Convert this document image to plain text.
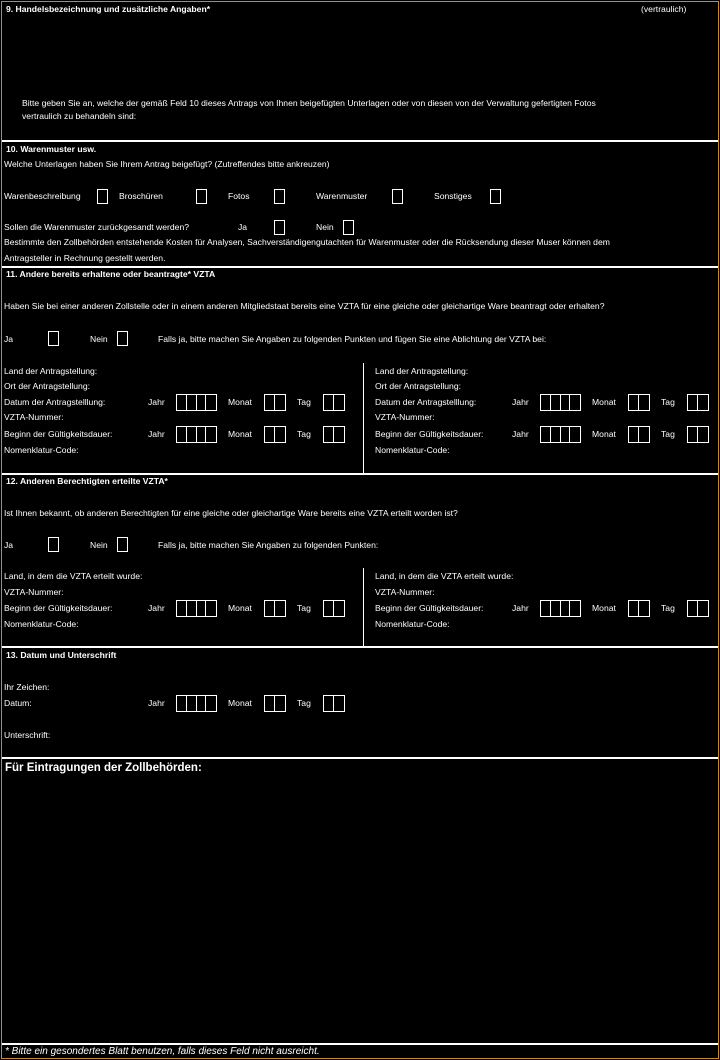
9. Handelsbezeichnung und zusätzliche Angaben*	(vertraulich)
Bitte geben Sie an, welche der gemäß Feld 10 dieses Antrags von Ihnen beigefügten Unterlagen oder von diesen von der Verwaltung gefertigten Fotos
vertraulich zu behandeln sind:
10. Warenmuster usw.
Welche Unterlagen haben Sie Ihrem Antrag beigefügt? (Zutreffendes bitte ankreuzen)
Warenbeschreibung	Broschüren	Fotos	Warenmuster	Sonstiges
Sollen die Warenmuster zurückgesandt werden?	Ja	Nein
Bestimmte den Zollbehörden entstehende Kosten für Analysen, Sachverständigengutachten für Warenmuster oder die Rücksendung dieser Muser können dem
Antragsteller in Rechnung gestellt werden.
11. Andere bereits erhaltene oder beantragte* VZTA
Haben Sie bei einer anderen Zollstelle oder in einem anderen Mitgliedstaat bereits eine VZTA für eine gleiche oder gleichartige Ware beantragt oder erhalten?
Ja	Nein	Falls ja, bitte machen Sie Angaben zu folgenden Punkten und fügen Sie eine Ablichtung der VZTA bei:
Land der Antragstellung:
Ort der Antragstellung:
Datum der Antragstelllung:	Jahr	Monat	Tag
VZTA-Nummer:
Beginn der Gültigkeitsdauer:	Jahr	Monat	Tag
Nomenklatur-Code:
Land der Antragstellung:
Ort der Antragstellung:
Datum der Antragstelllung:	Jahr	Monat	Tag
VZTA-Nummer:
Beginn der Gültigkeitsdauer:	Jahr	Monat	Tag
Nomenklatur-Code:
12. Anderen Berechtigten erteilte VZTA*
Ist Ihnen bekannt, ob anderen Berechtigten für eine gleiche oder gleichartige Ware bereits eine VZTA erteilt worden ist?
Ja	Nein	Falls ja, bitte machen Sie Angaben zu folgenden Punkten:
Land, in dem die VZTA erteilt wurde:
VZTA-Nummer:
Beginn der Gültigkeitsdauer:	Jahr	Monat	Tag
Nomenklatur-Code:
Land, in dem die VZTA erteilt wurde:
VZTA-Nummer:
Beginn der Gültigkeitsdauer:	Jahr	Monat	Tag
Nomenklatur-Code:
13. Datum und Unterschrift
Ihr Zeichen:
Datum:	Jahr	Monat	Tag
Unterschrift:
Für Eintragungen der Zollbehörden:
* Bitte ein gesondertes Blatt benutzen, falls dieses Feld nicht ausreicht.
